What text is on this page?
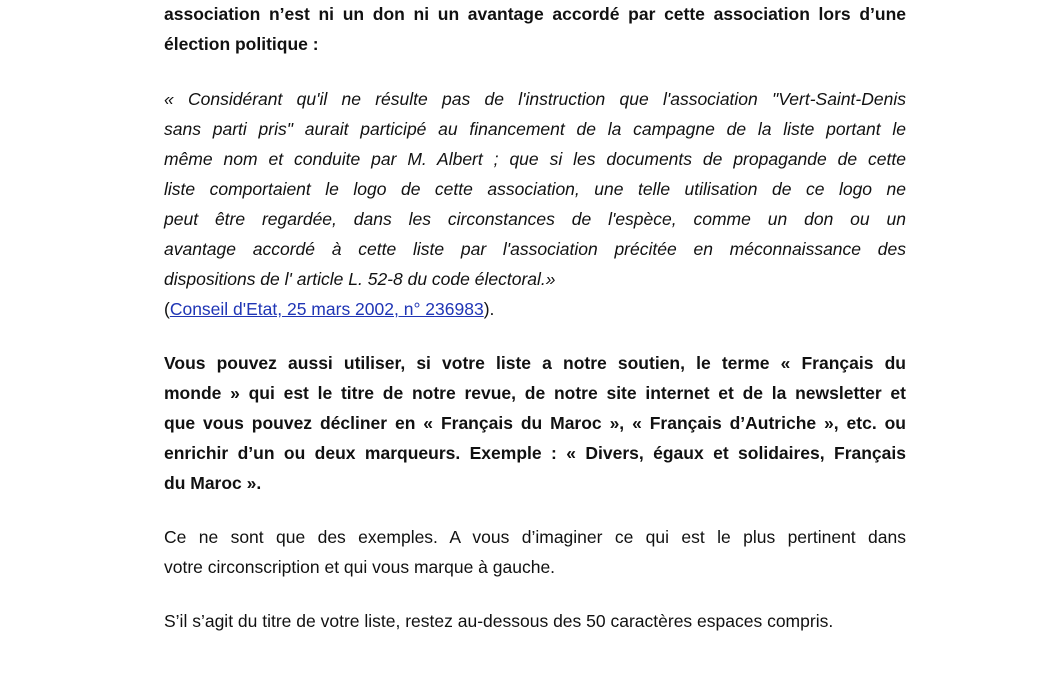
association n’est ni un don ni un avantage accordé par cette association lors d’une
élection politique :
« Considérant qu'il ne résulte pas de l'instruction que l'association "Vert-Saint-Denis
sans parti pris" aurait participé au financement de la campagne de la liste portant le
même nom et conduite par M. Albert ; que si les documents de propagande de cette
liste comportaient le logo de cette association, une telle utilisation de ce logo ne
peut être regardée, dans les circonstances de l'espèce, comme un don ou un
avantage accordé à cette liste par l'association précitée en méconnaissance des
dispositions de l' article L. 52-8 du code électoral.»
(Conseil d'Etat, 25 mars 2002, n° 236983).
Vous pouvez aussi utiliser, si votre liste a notre soutien, le terme « Français du
monde » qui est le titre de notre revue, de notre site internet et de la newsletter et
que vous pouvez décliner en « Français du Maroc », « Français d’Autriche », etc. ou
enrichir d’un ou deux marqueurs. Exemple : « Divers, égaux et solidaires, Français
du Maroc ».
Ce ne sont que des exemples. A vous d’imaginer ce qui est le plus pertinent dans
votre circonscription et qui vous marque à gauche.
S’il s’agit du titre de votre liste, restez au-dessous des 50 caractères espaces compris.
